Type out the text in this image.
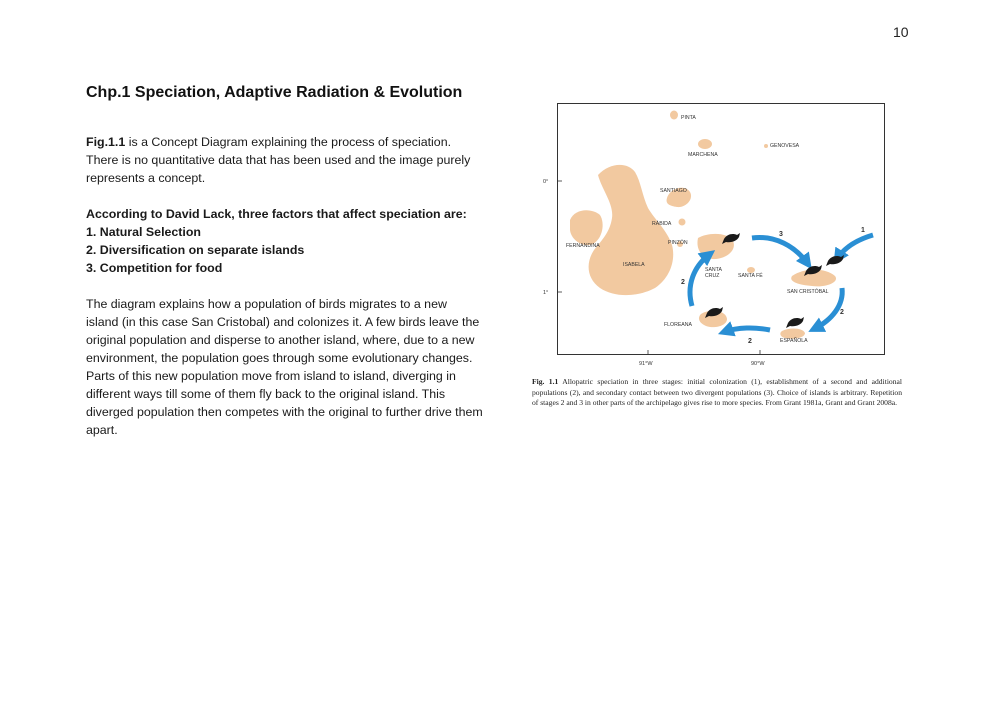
10
Chp.1 Speciation, Adaptive Radiation & Evolution

Fig.1.1 is a Concept Diagram explaining the process of speciation.

There is no quantitative data that has been used and the image purely

represents a concept.

According to David Lack, three factors that affect speciation are:

1. Natural Selection

2. Diversification on separate islands

3. Competition for food

The diagram explains how a population of birds migrates to a new

island (in this case San Cristobal) and colonizes it. A few birds leave the

original population and disperse to another island, where, due to a new

environment, the population goes through some evolutionary changes.

Parts of this new population move from island to island, diverging in

different ways till some of them fly back to the original island. This

diverged population then competes with the original to further drive them

apart.

0°
1°
91°W	90°W
PINTA
GENOVESA
MARCHENA
SANTIAGO
RÁBIDA
PINZÓN
FERNANDINA
ISABELA
SANTA
CRUZ	SANTA FÉ
SAN CRISTÓBAL
FLOREANA
ESPAÑOLA
1
3
2
2
2
Fig. 1.1 Allopatric speciation in three stages: initial colonization (1), establishment of a second and additional populations (2), and secondary contact between two divergent populations (3). Choice of islands is arbitrary. Repetition of stages 2 and 3 in other parts of the archipelago gives rise to more species. From Grant 1981a, Grant and Grant 2008a.
